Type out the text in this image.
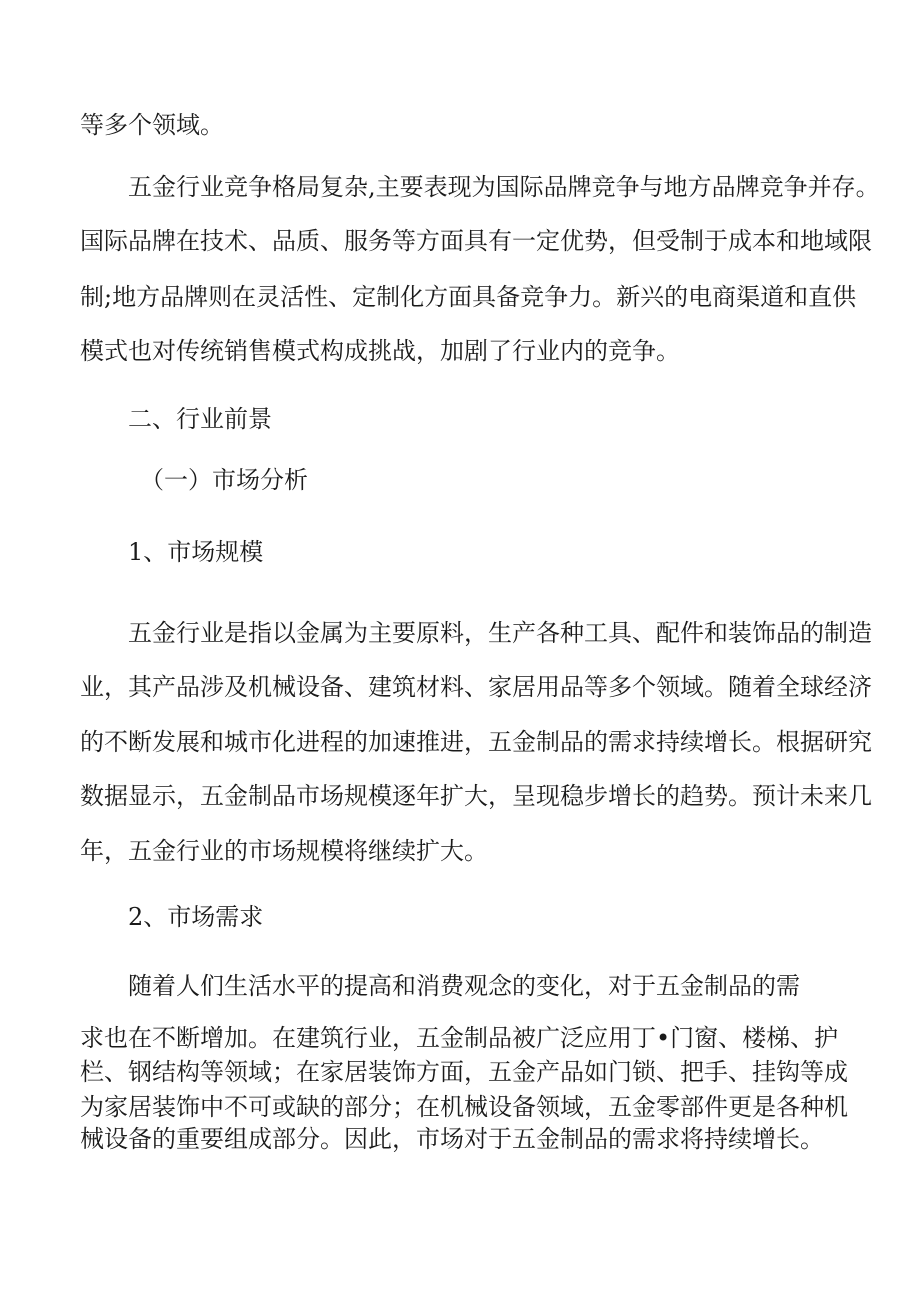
等多个领域。

五金行业竞争格局复杂,主要表现为国际品牌竞争与地方品牌竞争并存。

国际品牌在技术、品质、服务等方面具有一定优势，但受制于成本和地域限

制;地方品牌则在灵活性、定制化方面具备竞争力。新兴的电商渠道和直供

模式也对传统销售模式构成挑战，加剧了行业内的竞争。

二、行业前景

（一）市场分析

1、市场规模

五金行业是指以金属为主要原料，生产各种工具、配件和装饰品的制造

业，其产品涉及机械设备、建筑材料、家居用品等多个领域。随着全球经济

的不断发展和城市化进程的加速推进，五金制品的需求持续增长。根据研究

数据显示，五金制品市场规模逐年扩大，呈现稳步增长的趋势。预计未来几

年，五金行业的市场规模将继续扩大。

2、市场需求

随着人们生活水平的提高和消费观念的变化，对于五金制品的需

求也在不断增加。在建筑行业，五金制品被广泛应用丁•门窗、楼梯、护

栏、钢结构等领域；在家居装饰方面，五金产品如门锁、把手、挂钩等成

为家居装饰中不可或缺的部分；在机械设备领域，五金零部件更是各种机

械设备的重要组成部分。因此，市场对于五金制品的需求将持续增长。
